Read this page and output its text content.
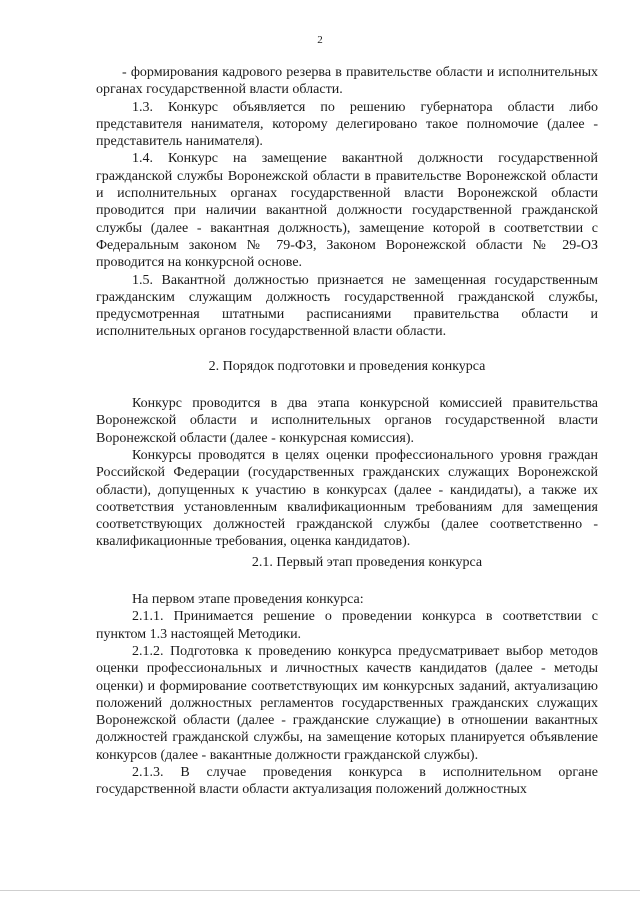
2

- формирования кадрового резерва в правительстве области и исполнительных органах государственной власти области.

1.3. Конкурс объявляется по решению губернатора области либо представителя нанимателя, которому делегировано такое полномочие (далее - представитель нанимателя).

1.4. Конкурс на замещение вакантной должности государственной гражданской службы Воронежской области в правительстве Воронежской области и исполнительных органах государственной власти Воронежской области проводится при наличии вакантной должности государственной гражданской службы (далее - вакантная должность), замещение которой в соответствии с Федеральным законом № 79-ФЗ, Законом Воронежской области № 29-ОЗ проводится на конкурсной основе.

1.5. Вакантной должностью признается не замещенная государственным гражданским служащим должность государственной гражданской службы, предусмотренная штатными расписаниями правительства области и исполнительных органов государственной власти области.

2. Порядок подготовки и проведения конкурса

Конкурс проводится в два этапа конкурсной комиссией правительства Воронежской области и исполнительных органов государственной власти Воронежской области (далее - конкурсная комиссия).

Конкурсы проводятся в целях оценки профессионального уровня граждан Российской Федерации (государственных гражданских служащих Воронежской области), допущенных к участию в конкурсах (далее - кандидаты), а также их соответствия установленным квалификационным требованиям для замещения соответствующих должностей гражданской службы (далее соответственно - квалификационные требования, оценка кандидатов).

2.1. Первый этап проведения конкурса

На первом этапе проведения конкурса:

2.1.1. Принимается решение о проведении конкурса в соответствии с пунктом 1.3 настоящей Методики.

2.1.2. Подготовка к проведению конкурса предусматривает выбор методов оценки профессиональных и личностных качеств кандидатов (далее - методы оценки) и формирование соответствующих им конкурсных заданий, актуализацию положений должностных регламентов государственных гражданских служащих Воронежской области (далее - гражданские служащие) в отношении вакантных должностей гражданской службы, на замещение которых планируется объявление конкурсов (далее - вакантные должности гражданской службы).

2.1.3. В случае проведения конкурса в исполнительном органе государственной власти области актуализация положений должностных
